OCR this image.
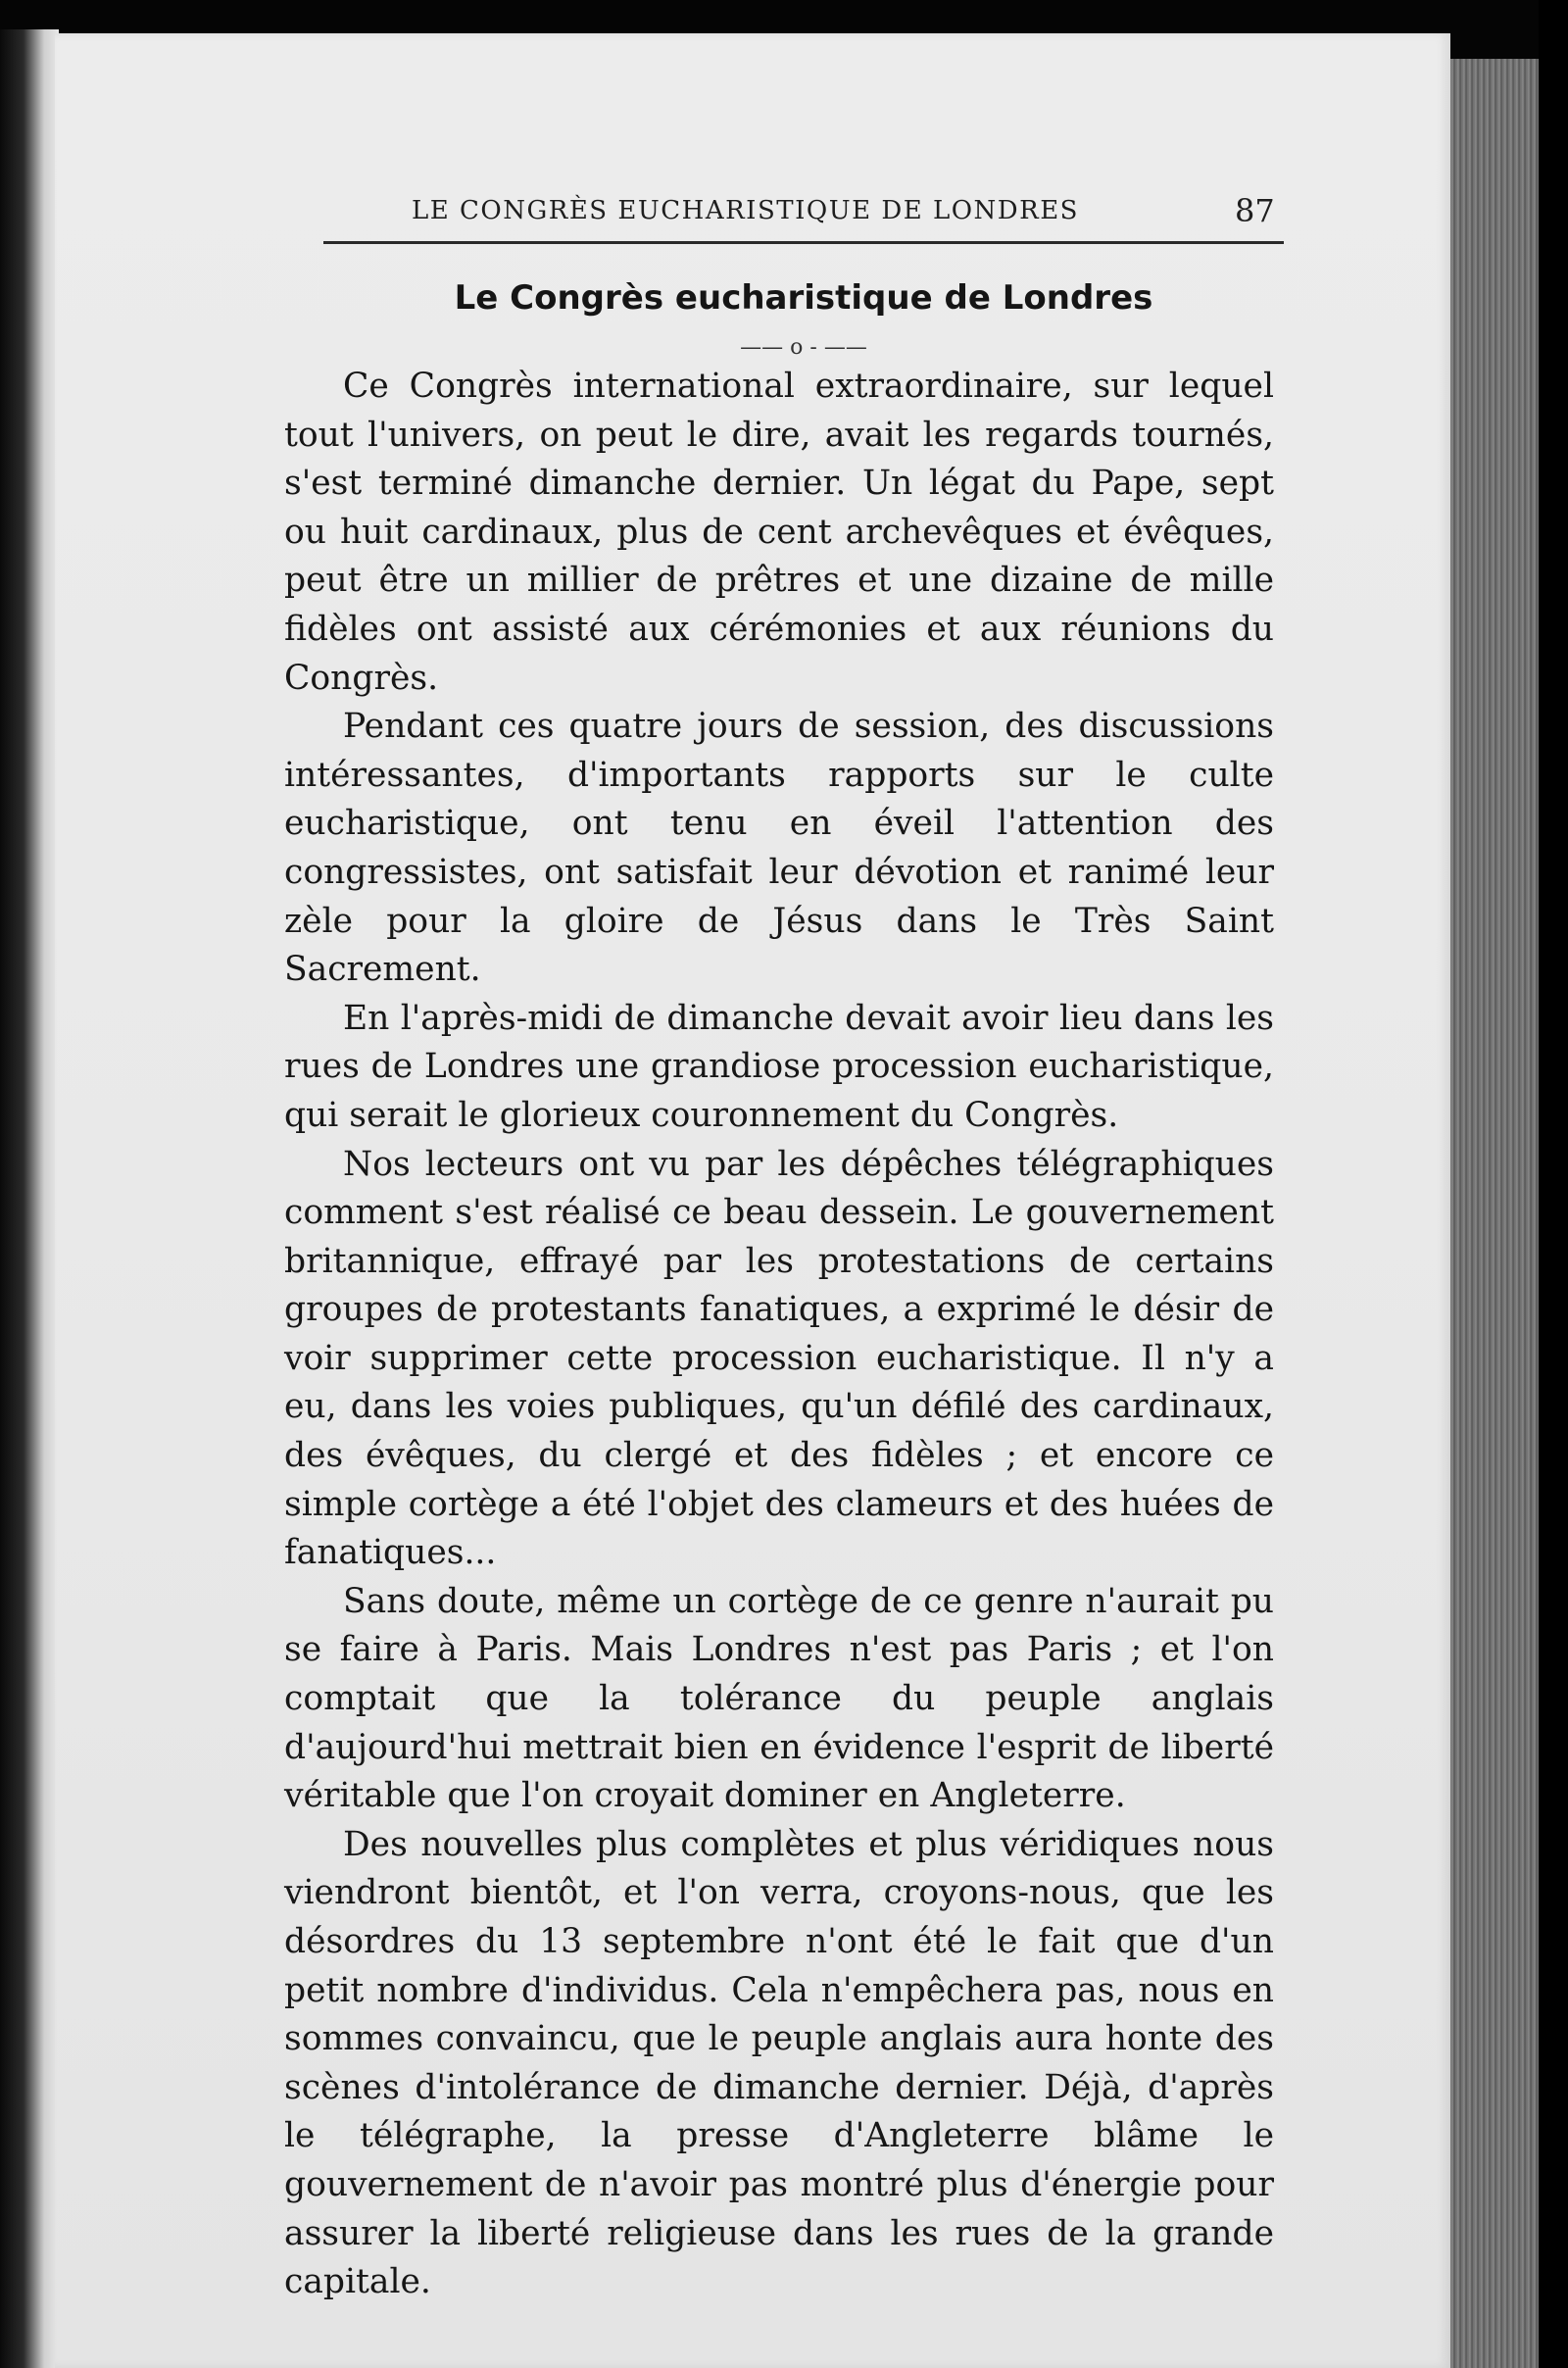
LE CONGRÈS EUCHARISTIQUE DE LONDRES	87
Le Congrès eucharistique de Londres
—— o - ——

Ce Congrès international extraordinaire, sur lequel tout l'univers, on peut le dire, avait les regards tournés, s'est terminé dimanche dernier. Un légat du Pape, sept ou huit cardinaux, plus de cent archevêques et évêques, peut être un millier de prêtres et une dizaine de mille fidèles ont assisté aux cérémonies et aux réunions du Congrès.

Pendant ces quatre jours de session, des discussions intéressantes, d'importants rapports sur le culte eucharistique, ont tenu en éveil l'attention des congressistes, ont satisfait leur dévotion et ranimé leur zèle pour la gloire de Jésus dans le Très Saint Sacrement.

En l'après-midi de dimanche devait avoir lieu dans les rues de Londres une grandiose procession eucharistique, qui serait le glorieux couronnement du Congrès.

Nos lecteurs ont vu par les dépêches télégraphiques comment s'est réalisé ce beau dessein. Le gouvernement britannique, effrayé par les protestations de certains groupes de protestants fanatiques, a exprimé le désir de voir supprimer cette procession eucharistique. Il n'y a eu, dans les voies publiques, qu'un défilé des cardinaux, des évêques, du clergé et des fidèles ; et encore ce simple cortège a été l'objet des clameurs et des huées de fanatiques...

Sans doute, même un cortège de ce genre n'aurait pu se faire à Paris. Mais Londres n'est pas Paris ; et l'on comptait que la tolérance du peuple anglais d'aujourd'hui mettrait bien en évidence l'esprit de liberté véritable que l'on croyait dominer en Angleterre.

Des nouvelles plus complètes et plus véridiques nous viendront bientôt, et l'on verra, croyons-nous, que les désordres du 13 septembre n'ont été le fait que d'un petit nombre d'individus. Cela n'empêchera pas, nous en sommes convaincu, que le peuple anglais aura honte des scènes d'intolérance de dimanche dernier. Déjà, d'après le télégraphe, la presse d'Angleterre blâme le gouvernement de n'avoir pas montré plus d'énergie pour assurer la liberté religieuse dans les rues de la grande capitale.
